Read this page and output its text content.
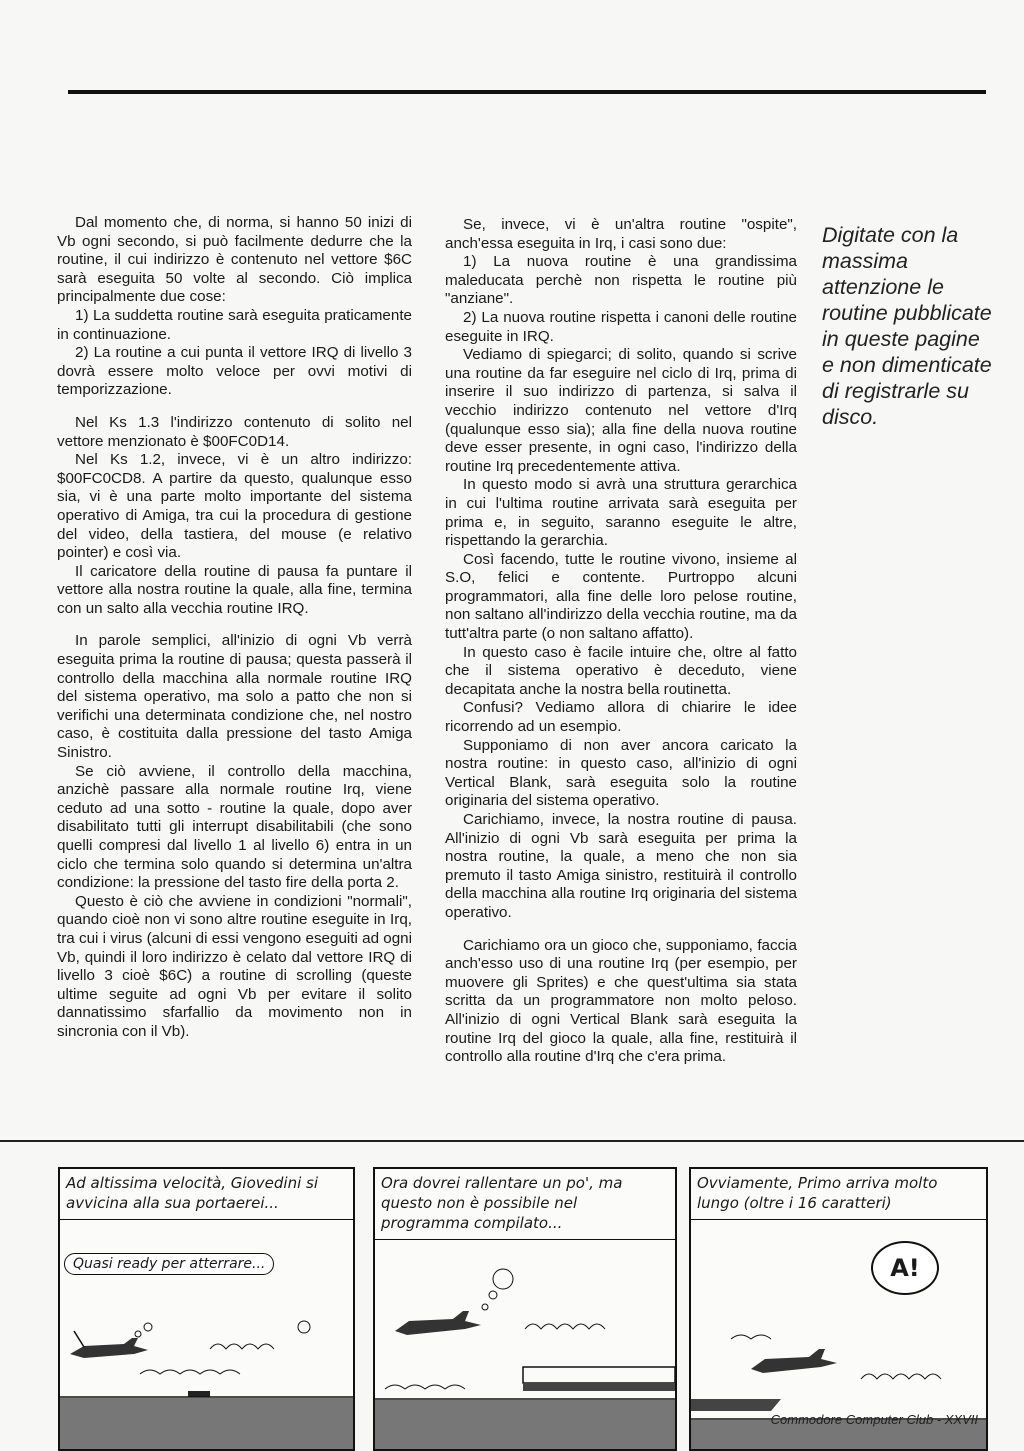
Dal momento che, di norma, si hanno 50 inizi di Vb ogni secondo, si può facilmente dedurre che la routine, il cui indirizzo è contenuto nel vettore $6C sarà eseguita 50 volte al secondo. Ciò implica principalmente due cose:

1) La suddetta routine sarà eseguita praticamente in continuazione.

2) La routine a cui punta il vettore IRQ di livello 3 dovrà essere molto veloce per ovvi motivi di temporizzazione.

Nel Ks 1.3 l'indirizzo contenuto di solito nel vettore menzionato è $00FC0D14.

Nel Ks 1.2, invece, vi è un altro indirizzo: $00FC0CD8. A partire da questo, qualunque esso sia, vi è una parte molto importante del sistema operativo di Amiga, tra cui la procedura di gestione del video, della tastiera, del mouse (e relativo pointer) e così via.

Il caricatore della routine di pausa fa puntare il vettore alla nostra routine la quale, alla fine, termina con un salto alla vecchia routine IRQ.

In parole semplici, all'inizio di ogni Vb verrà eseguita prima la routine di pausa; questa passerà il controllo della macchina alla normale routine IRQ del sistema operativo, ma solo a patto che non si verifichi una determinata condizione che, nel nostro caso, è costituita dalla pressione del tasto Amiga Sinistro.

Se ciò avviene, il controllo della macchina, anzichè passare alla normale routine Irq, viene ceduto ad una sotto - routine la quale, dopo aver disabilitato tutti gli interrupt disabilitabili (che sono quelli compresi dal livello 1 al livello 6) entra in un ciclo che termina solo quando si determina un'altra condizione: la pressione del tasto fire della porta 2.

Questo è ciò che avviene in condizioni "normali", quando cioè non vi sono altre routine eseguite in Irq, tra cui i virus (alcuni di essi vengono eseguiti ad ogni Vb, quindi il loro indirizzo è celato dal vettore IRQ di livello 3 cioè $6C) a routine di scrolling (queste ultime seguite ad ogni Vb per evitare il solito dannatissimo sfarfallio da movimento non in sincronia con il Vb).

Se, invece, vi è un'altra routine "ospite", anch'essa eseguita in Irq, i casi sono due:

1) La nuova routine è una grandissima maleducata perchè non rispetta le routine più "anziane".

2) La nuova routine rispetta i canoni delle routine eseguite in IRQ.

Vediamo di spiegarci; di solito, quando si scrive una routine da far eseguire nel ciclo di Irq, prima di inserire il suo indirizzo di partenza, si salva il vecchio indirizzo contenuto nel vettore d'Irq (qualunque esso sia); alla fine della nuova routine deve esser presente, in ogni caso, l'indirizzo della routine Irq precedentemente attiva.

In questo modo si avrà una struttura gerarchica in cui l'ultima routine arrivata sarà eseguita per prima e, in seguito, saranno eseguite le altre, rispettando la gerarchia.

Così facendo, tutte le routine vivono, insieme al S.O, felici e contente. Purtroppo alcuni programmatori, alla fine delle loro pelose routine, non saltano all'indirizzo della vecchia routine, ma da tutt'altra parte (o non saltano affatto).

In questo caso è facile intuire che, oltre al fatto che il sistema operativo è deceduto, viene decapitata anche la nostra bella routinetta.

Confusi? Vediamo allora di chiarire le idee ricorrendo ad un esempio.

Supponiamo di non aver ancora caricato la nostra routine: in questo caso, all'inizio di ogni Vertical Blank, sarà eseguita solo la routine originaria del sistema operativo.

Carichiamo, invece, la nostra routine di pausa. All'inizio di ogni Vb sarà eseguita per prima la nostra routine, la quale, a meno che non sia premuto il tasto Amiga sinistro, restituirà il controllo della macchina alla routine Irq originaria del sistema operativo.

Carichiamo ora un gioco che, supponiamo, faccia anch'esso uso di una routine Irq (per esempio, per muovere gli Sprites) e che quest'ultima sia stata scritta da un programmatore non molto peloso. All'inizio di ogni Vertical Blank sarà eseguita la routine Irq del gioco la quale, alla fine, restituirà il controllo alla routine d'Irq che c'era prima.

Digitate con la massima attenzione le routine pubblicate in queste pagine e non dimenticate di registrarle su disco.
Ad altissima velocità, Giovedini si avvicina alla sua portaerei...
Quasi ready per atterrare...
Ora dovrei rallentare un po', ma questo non è possibile nel programma compilato...
Ovviamente, Primo arriva molto lungo (oltre i 16 caratteri)
A!
Commodore Computer Club - XXVII
